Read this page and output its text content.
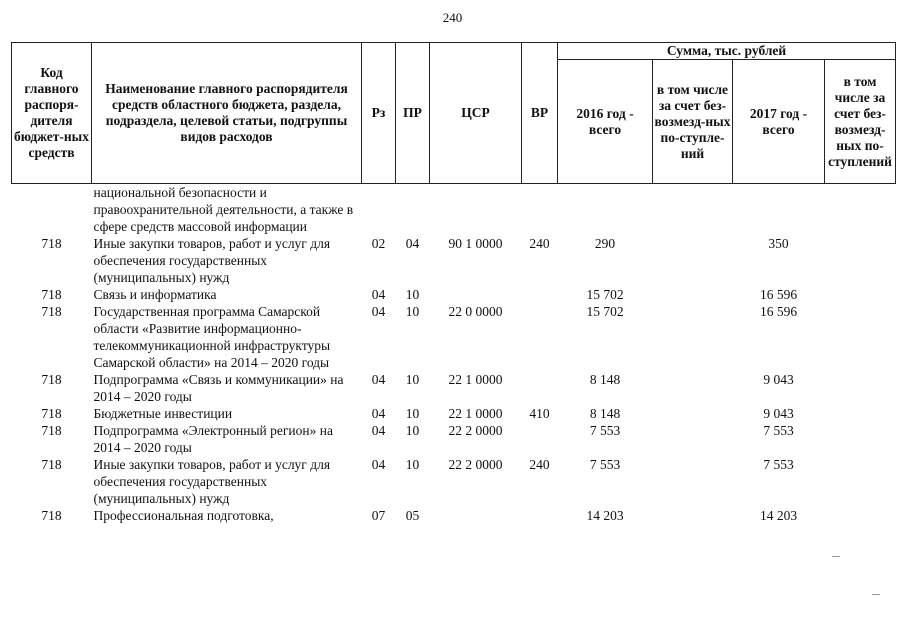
240
Код главного распоря-дителя бюджет-ных средств	Наименование главного распорядителя средств областного бюджета, раздела, подраздела, целевой статьи, подгруппы видов расходов	Рз	ПР	ЦСР	ВР	Сумма, тыс. рублей			
						2016 год - всего	в том числе за счет без-возмезд-ных по-ступле-ний	2017 год - всего	в том числе за счет без-возмезд-ных по-ступлений
	национальной безопасности и правоохранительной деятельности, а также в сфере средств массовой информации								
718	Иные закупки товаров, работ и услуг для обеспечения государственных (муниципальных) нужд	02	04	90 1 0000	240	290		350	
718	Связь и информатика	04	10			15 702		16 596	
718	Государственная программа Самарской области «Развитие информационно-телекоммуникационной инфраструктуры Самарской области» на 2014 – 2020 годы	04	10	22 0 0000		15 702		16 596	
718	Подпрограмма «Связь и коммуникации» на 2014 – 2020 годы	04	10	22 1 0000		8 148		9 043	
718	Бюджетные инвестиции	04	10	22 1 0000	410	8 148		9 043	
718	Подпрограмма «Электронный регион» на 2014 – 2020 годы	04	10	22 2 0000		7 553		7 553	
718	Иные закупки товаров, работ и услуг для обеспечения государственных (муниципальных) нужд	04	10	22 2 0000	240	7 553		7 553	
718	Профессиональная подготовка,	07	05			14 203		14 203	
